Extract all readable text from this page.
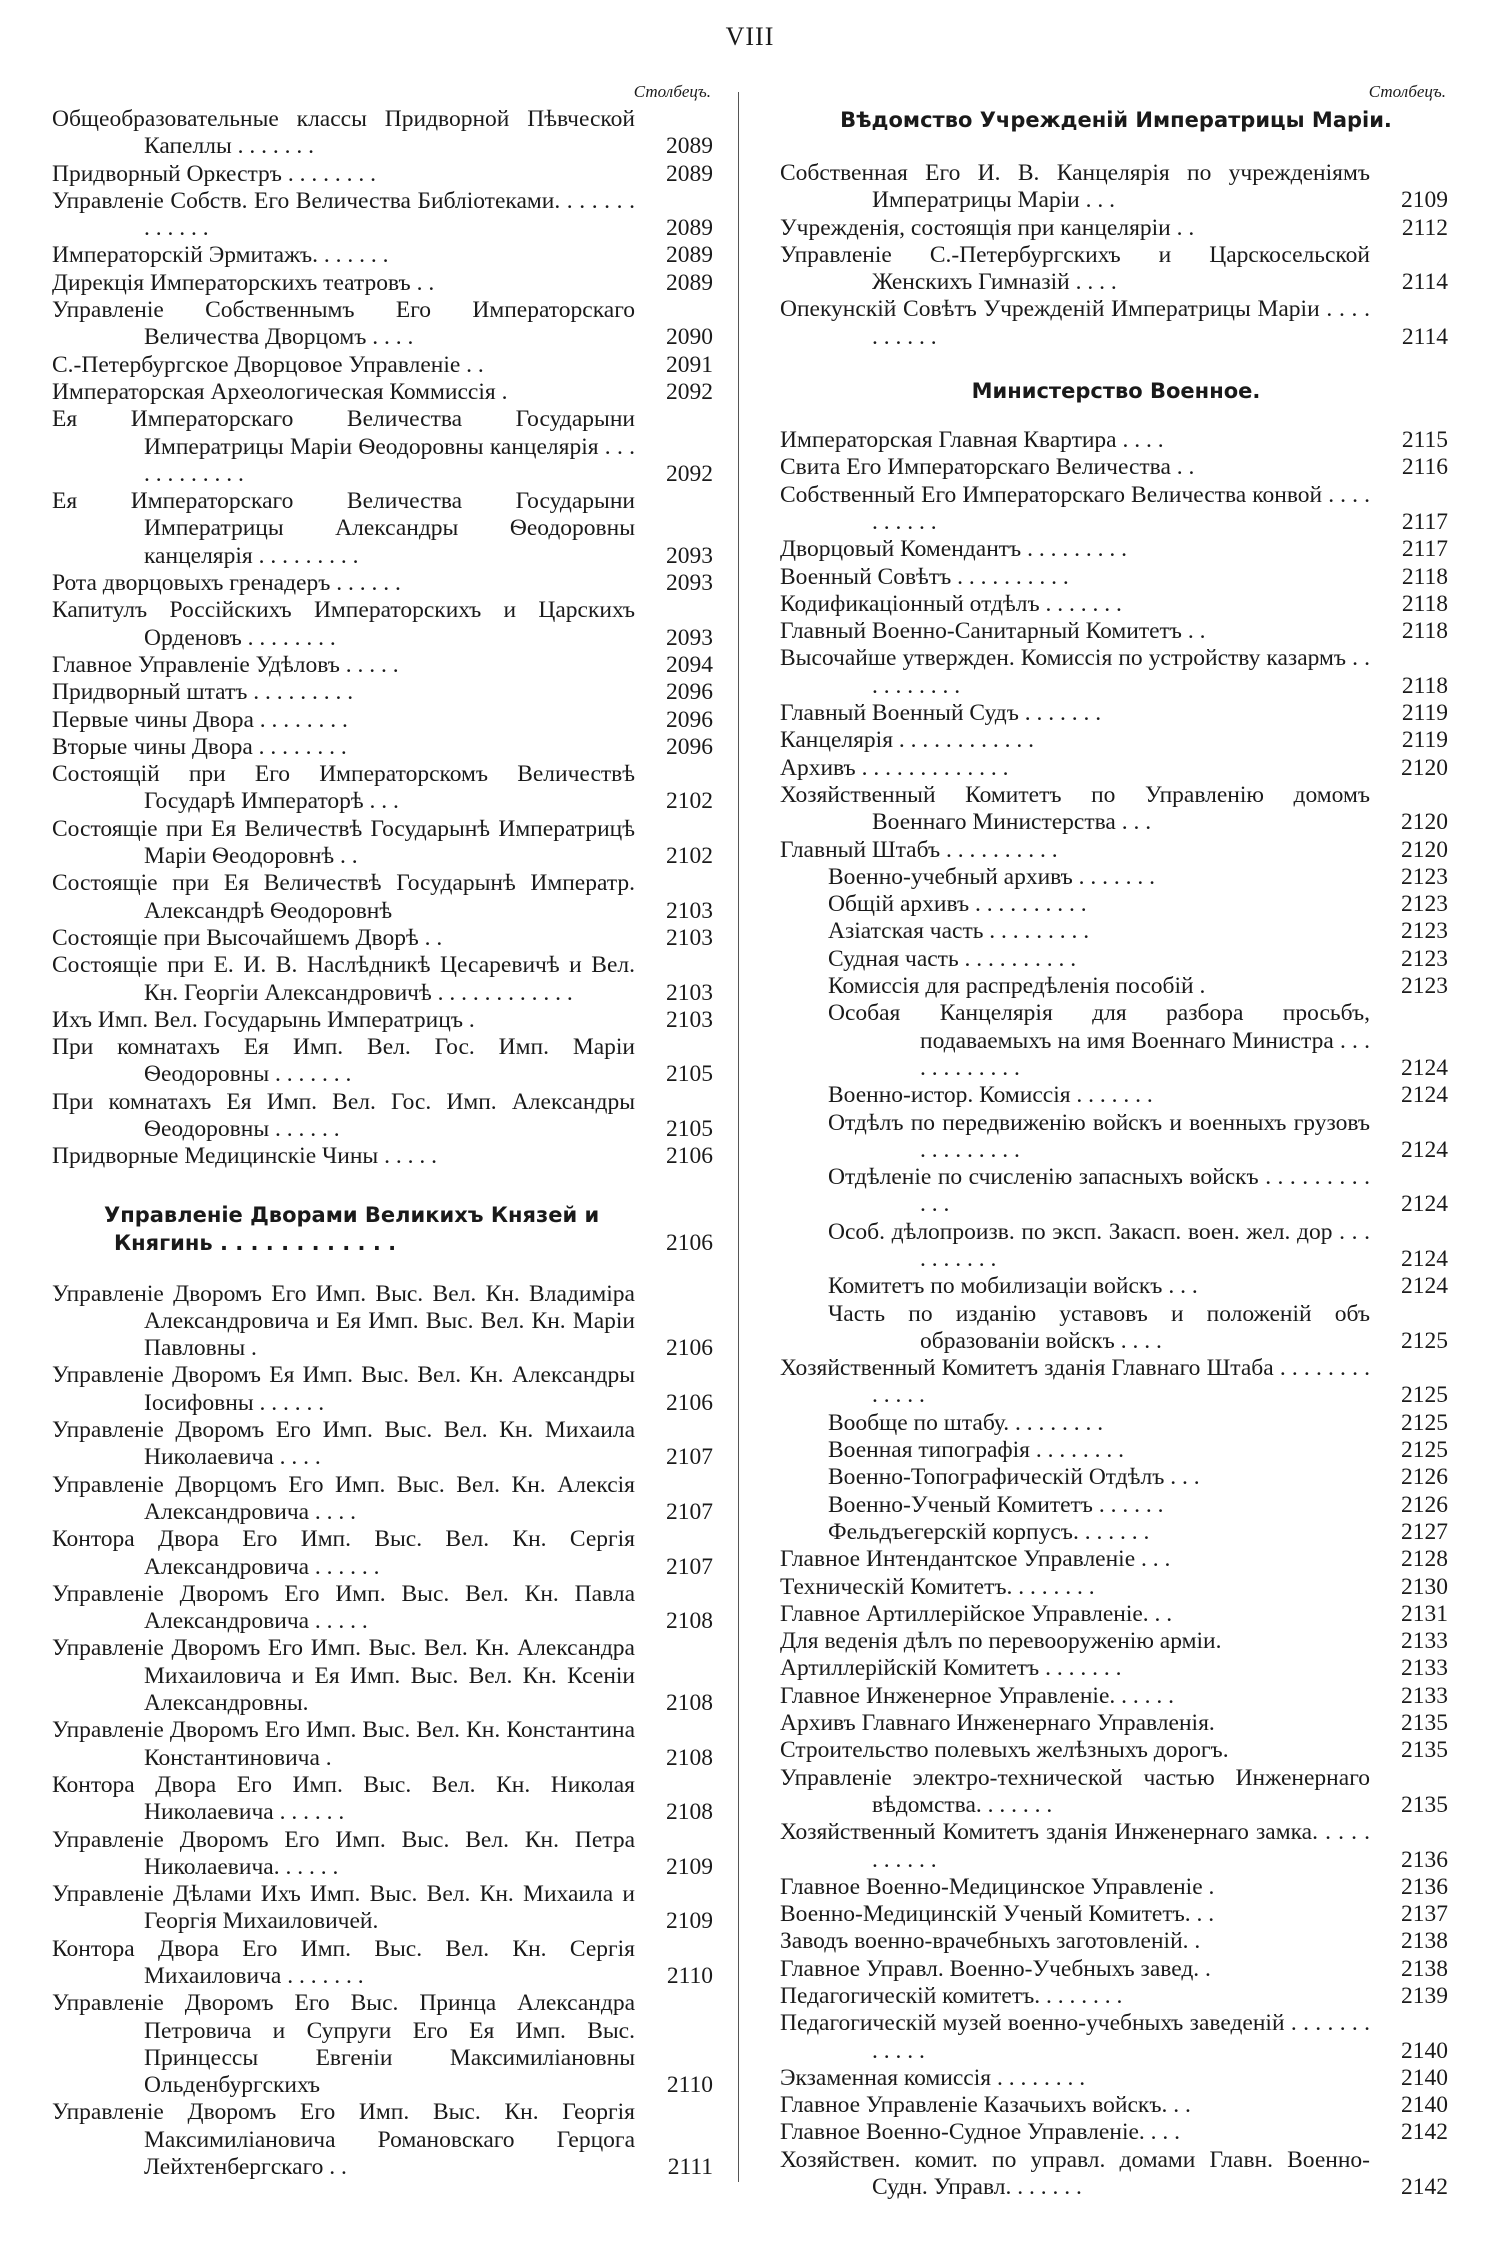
VIII
Столбецъ.
Общеобразовательные классы Придворной Пѣвческой Капеллы . . . . . . .	2089
Придворный Оркестръ . . . . . . . .	2089
Управленіе Собств. Его Величества Библіотеками. . . . . . . . . . . . .	2089
Императорскій Эрмитажъ. . . . . . .	2089
Дирекція Императорскихъ театровъ . .	2089
Управленіе Собственнымъ Его Императорскаго Величества Дворцомъ . . . .	2090
С.-Петербургское Дворцовое Управленіе . .	2091
Императорская Археологическая Коммиссія .	2092
Ея Императорскаго Величества Государыни Императрицы Маріи Ѳеодоровны канцелярія . . . . . . . . . . . .	2092
Ея Императорскаго Величества Государыни Императрицы Александры Ѳеодоровны канцелярія . . . . . . . . .	2093
Рота дворцовыхъ гренадеръ . . . . . .	2093
Капитулъ Россійскихъ Императорскихъ и Царскихъ Орденовъ . . . . . . . .	2093
Главное Управленіе Удѣловъ . . . . .	2094
Придворный штатъ . . . . . . . . .	2096
Первые чины Двора . . . . . . . .	2096
Вторые чины Двора . . . . . . . .	2096
Состоящій при Его Императорскомъ Величествѣ Государѣ Императорѣ . . .	2102
Состоящіе при Ея Величествѣ Государынѣ Императрицѣ Маріи Ѳеодоровнѣ . .	2102
Состоящіе при Ея Величествѣ Государынѣ Императр. Александрѣ Ѳеодоровнѣ	2103
Состоящіе при Высочайшемъ Дворѣ . .	2103
Состоящіе при Е. И. В. Наслѣдникѣ Цесаревичѣ и Вел. Кн. Георгіи Александровичѣ . . . . . . . . . . . .	2103
Ихъ Имп. Вел. Государынь Императрицъ .	2103
При комнатахъ Ея Имп. Вел. Гос. Имп. Маріи Ѳеодоровны . . . . . . .	2105
При комнатахъ Ея Имп. Вел. Гос. Имп. Александры Ѳеодоровны . . . . . .	2105
Придворные Медицинскіе Чины . . . . .	2106
Управленіе Дворами Великихъ Князей и Княгинь . . . . . . . . . . . .	2106
Управленіе Дворомъ Его Имп. Выс. Вел. Кн. Владиміра Александровича и Ея Имп. Выс. Вел. Кн. Маріи Павловны .	2106
Управленіе Дворомъ Ея Имп. Выс. Вел. Кн. Александры Іосифовны . . . . . .	2106
Управленіе Дворомъ Его Имп. Выс. Вел. Кн. Михаила Николаевича . . . .	2107
Управленіе Дворцомъ Его Имп. Выс. Вел. Кн. Алексія Александровича . . . .	2107
Контора Двора Его Имп. Выс. Вел. Кн. Сергія Александровича . . . . . .	2107
Управленіе Дворомъ Его Имп. Выс. Вел. Кн. Павла Александровича . . . . .	2108
Управленіе Дворомъ Его Имп. Выс. Вел. Кн. Александра Михаиловича и Ея Имп. Выс. Вел. Кн. Ксеніи Александровны.	2108
Управленіе Дворомъ Его Имп. Выс. Вел. Кн. Константина Константиновича .	2108
Контора Двора Его Имп. Выс. Вел. Кн. Николая Николаевича . . . . . .	2108
Управленіе Дворомъ Его Имп. Выс. Вел. Кн. Петра Николаевича. . . . . .	2109
Управленіе Дѣлами Ихъ Имп. Выс. Вел. Кн. Михаила и Георгія Михаиловичей.	2109
Контора Двора Его Имп. Выс. Вел. Кн. Сергія Михаиловича . . . . . . .	2110
Управленіе Дворомъ Его Выс. Принца Александра Петровича и Супруги Его Ея Имп. Выс. Принцессы Евгеніи Максимиліановны Ольденбургскихъ	2110
Управленіе Дворомъ Его Имп. Выс. Кн. Георгія Максимиліановича Романовскаго Герцога Лейхтенбергскаго . .	2111
Столбецъ.
Вѣдомство Учрежденій Императрицы Маріи.
Собственная Его И. В. Канцелярія по учрежденіямъ Императрицы Маріи . . .	2109
Учрежденія, состоящія при канцеляріи . .	2112
Управленіе С.-Петербургскихъ и Царскосельской Женскихъ Гимназій . . . .	2114
Опекунскій Совѣтъ Учрежденій Императрицы Маріи . . . . . . . . . .	2114
Министерство Военное.
Императорская Главная Квартира . . . .	2115
Свита Его Императорскаго Величества . .	2116
Собственный Его Императорскаго Величества конвой . . . . . . . . . .	2117
Дворцовый Комендантъ . . . . . . . . .	2117
Военный Совѣтъ . . . . . . . . . .	2118
Кодификаціонный отдѣлъ . . . . . . .	2118
Главный Военно-Санитарный Комитетъ . .	2118
Высочайше утвержден. Комиссія по устройству казармъ . . . . . . . . . .	2118
Главный Военный Судъ . . . . . . .	2119
Канцелярія . . . . . . . . . . . .	2119
Архивъ . . . . . . . . . . . . .	2120
Хозяйственный Комитетъ по Управленію домомъ Военнаго Министерства . . .	2120
Главный Штабъ . . . . . . . . . .	2120
Военно-учебный архивъ . . . . . . .	2123
Общій архивъ . . . . . . . . . .	2123
Азіатская часть . . . . . . . . .	2123
Судная часть . . . . . . . . . .	2123
Комиссія для распредѣленія пособій .	2123
Особая Канцелярія для разбора просьбъ, подаваемыхъ на имя Военнаго Министра . . . . . . . . . . . .	2124
Военно-истор. Комиссія . . . . . . .	2124
Отдѣлъ по передвиженію войскъ и военныхъ грузовъ . . . . . . . . .	2124
Отдѣленіе по счисленію запасныхъ войскъ . . . . . . . . . . . .	2124
Особ. дѣлопроизв. по эксп. Закасп. воен. жел. дор . . . . . . . . . .	2124
Комитетъ по мобилизаціи войскъ . . .	2124
Часть по изданію уставовъ и положеній объ образованіи войскъ . . . .	2125
Хозяйственный Комитетъ зданія Главнаго Штаба . . . . . . . . . . . . .	2125
Вообще по штабу. . . . . . . . .	2125
Военная типографія . . . . . . . .	2125
Военно-Топографическій Отдѣлъ . . .	2126
Военно-Ученый Комитетъ . . . . . .	2126
Фельдъегерскій корпусъ. . . . . . .	2127
Главное Интендантское Управленіе . . .	2128
Техническій Комитетъ. . . . . . . .	2130
Главное Артиллерійское Управленіе. . .	2131
Для веденія дѣлъ по перевооруженію арміи.	2133
Артиллерійскій Комитетъ . . . . . . .	2133
Главное Инженерное Управленіе. . . . . .	2133
Архивъ Главнаго Инженернаго Управленія.	2135
Строительство полевыхъ желѣзныхъ дорогъ.	2135
Управленіе электро-технической частью Инженернаго вѣдомства. . . . . . .	2135
Хозяйственный Комитетъ зданія Инженернаго замка. . . . . . . . . . .	2136
Главное Военно-Медицинское Управленіе .	2136
Военно-Медицинскій Ученый Комитетъ. . .	2137
Заводъ военно-врачебныхъ заготовленій. .	2138
Главное Управл. Военно-Учебныхъ завед. .	2138
Педагогическій комитетъ. . . . . . . .	2139
Педагогическій музей военно-учебныхъ заведеній . . . . . . . . . . . .	2140
Экзаменная комиссія . . . . . . . .	2140
Главное Управленіе Казачьихъ войскъ. . .	2140
Главное Военно-Судное Управленіе. . . .	2142
Хозяйствен. комит. по управл. домами Главн. Военно-Судн. Управл. . . . . . .	2142
